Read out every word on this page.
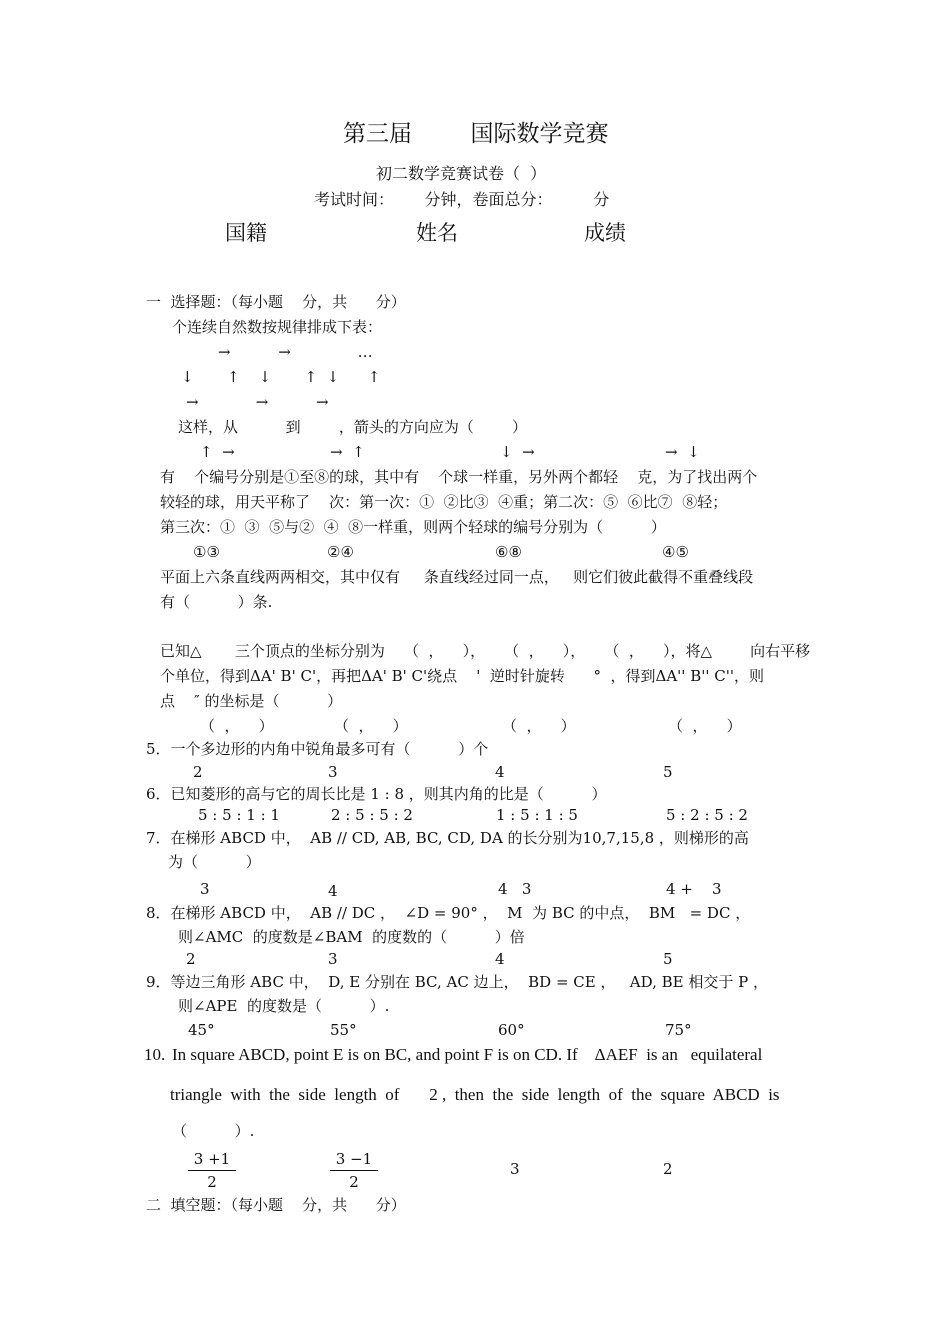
第三届        国际数学竞赛
初二数学竞赛试卷（  ）
考试时间：      分钟，卷面总分：        分
国籍	姓名	成绩
一  选择题：（每小题    分，共      分）
个连续自然数按规律排成下表：
→          →              …
↓       ↑    ↓       ↑  ↓      ↑
→            →          →
这样，从          到        ，箭头的方向应为（        ）
↑  →	→  ↑	↓  →	→  ↓
有    个编号分别是①至⑧的球，其中有    个球一样重，另外两个都轻    克，为了找出两个
较轻的球，用天平称了    次：第一次：①  ②比③  ④重；第二次：⑤  ⑥比⑦  ⑧轻；
第三次：①  ③  ⑤与②  ④  ⑧一样重，则两个轻球的编号分别为（          ）
①③	②④	⑥⑧	④⑤
平面上六条直线两两相交，其中仅有     条直线经过同一点，   则它们彼此截得不重叠线段
有（          ）条.
已知△       三个顶点的坐标分别为    （  ，    ），    （  ，    ），    （  ，    ），将△        向右平移
个单位，得到ΔA' B' C'，再把ΔA' B' C'绕点    '  逆时针旋转      °  ，得到ΔA'' B'' C''，则
点    ″ 的坐标是（          ）
（  ，    ）	（  ，    ）	（  ，    ）	（  ，    ）
5．一个多边形的内角中锐角最多可有（          ）个
2	3	4	5
6．已知菱形的高与它的周长比是 1 : 8 ，则其内角的比是（          ）
5 : 5 : 1 : 1	2 : 5 : 5 : 2	1 : 5 : 1 : 5	5 : 2 : 5 : 2
7．在梯形 ABCD 中，  AB // CD, AB, BC, CD, DA 的长分别为10,7,15,8 ，则梯形的高
为（          ）
3	4	4   3	4 +    3
8．在梯形 ABCD 中，  AB // DC ，  ∠D = 90° ，  M  为 BC 的中点，  BM   = DC ，
则∠AMC  的度数是∠BAM  的度数的（          ）倍
2	3	4	5
9．等边三角形 ABC 中，  D, E 分别在 BC, AC 边上，  BD = CE ，   AD, BE 相交于 P ，
则∠APE  的度数是（          ）.
45°	55°	60°	75°
10. In square ABCD, point E is on BC, and point F is on CD. If    ΔAEF  is an   equilateral
triangle  with  the  side  length  of       2 ,  then  the  side  length  of  the  square  ABCD  is
（          ）.
$\frac{3 +1}{2}$	$\frac{3 -1}{2}$	3	2
二  填空题：（每小题    分，共      分）
